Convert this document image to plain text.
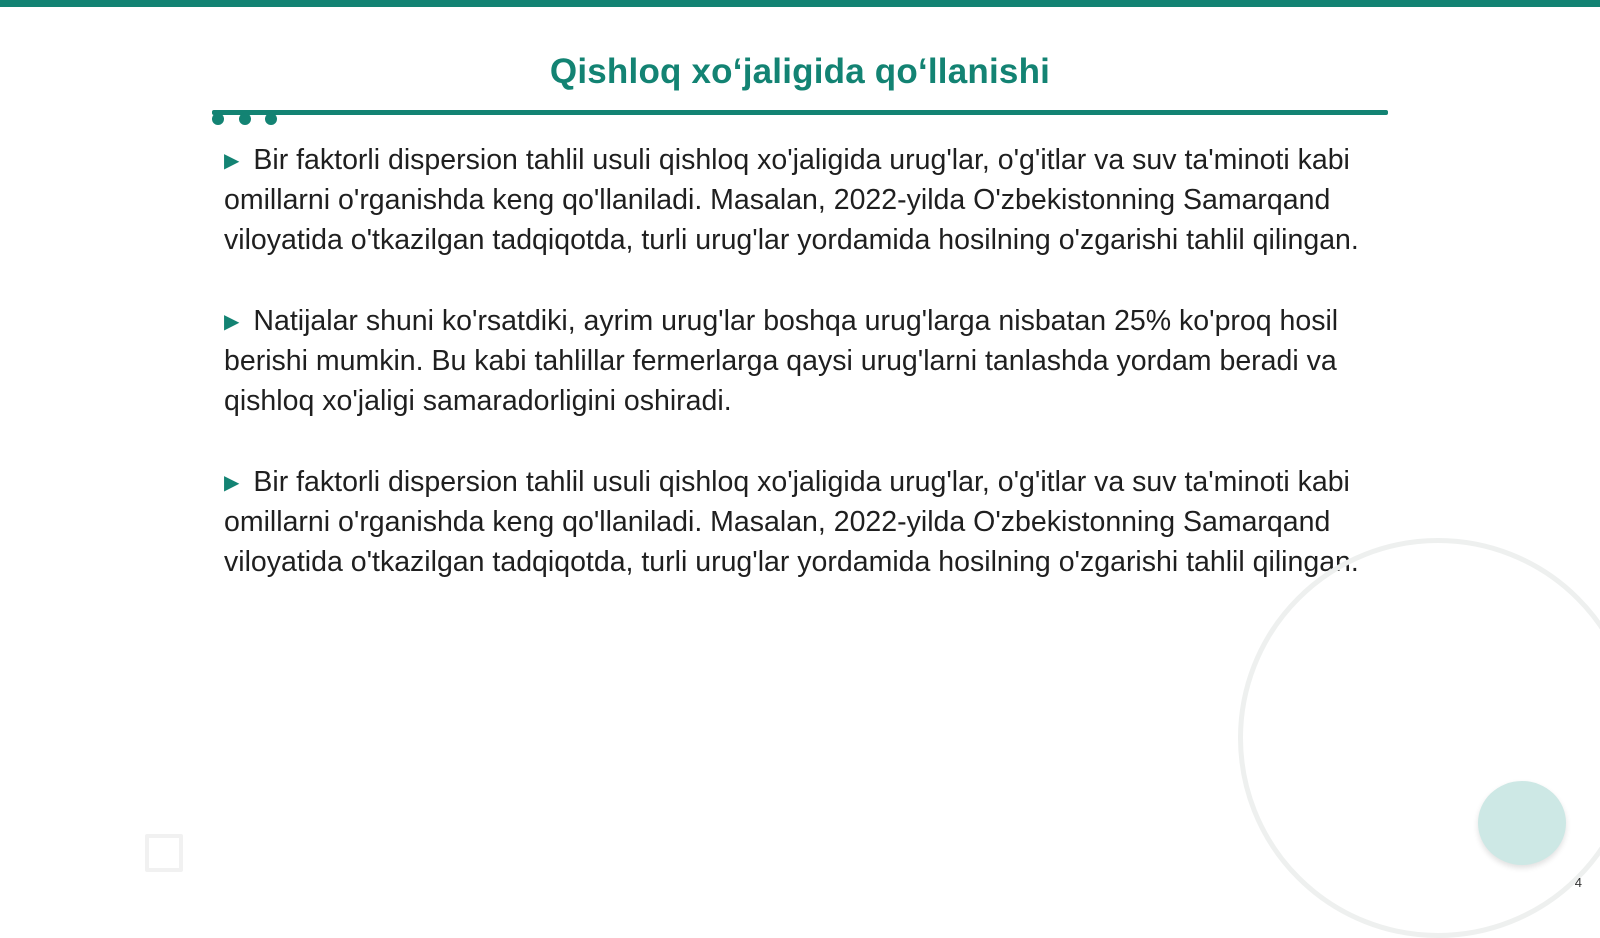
Qishloq xo‘jaligida qo‘llanishi

▶ Bir faktorli dispersion tahlil usuli qishloq xo'jaligida urug'lar, o'g'itlar va suv ta'minoti kabi omillarni o'rganishda keng qo'llaniladi. Masalan, 2022-yilda O'zbekistonning Samarqand viloyatida o'tkazilgan tadqiqotda, turli urug'lar yordamida hosilning o'zgarishi tahlil qilingan.

▶ Natijalar shuni ko'rsatdiki, ayrim urug'lar boshqa urug'larga nisbatan 25% ko'proq hosil berishi mumkin. Bu kabi tahlillar fermerlarga qaysi urug'larni tanlashda yordam beradi va qishloq xo'jaligi samaradorligini oshiradi.

▶ Bir faktorli dispersion tahlil usuli qishloq xo'jaligida urug'lar, o'g'itlar va suv ta'minoti kabi omillarni o'rganishda keng qo'llaniladi. Masalan, 2022-yilda O'zbekistonning Samarqand viloyatida o'tkazilgan tadqiqotda, turli urug'lar yordamida hosilning o'zgarishi tahlil qilingan.

4
